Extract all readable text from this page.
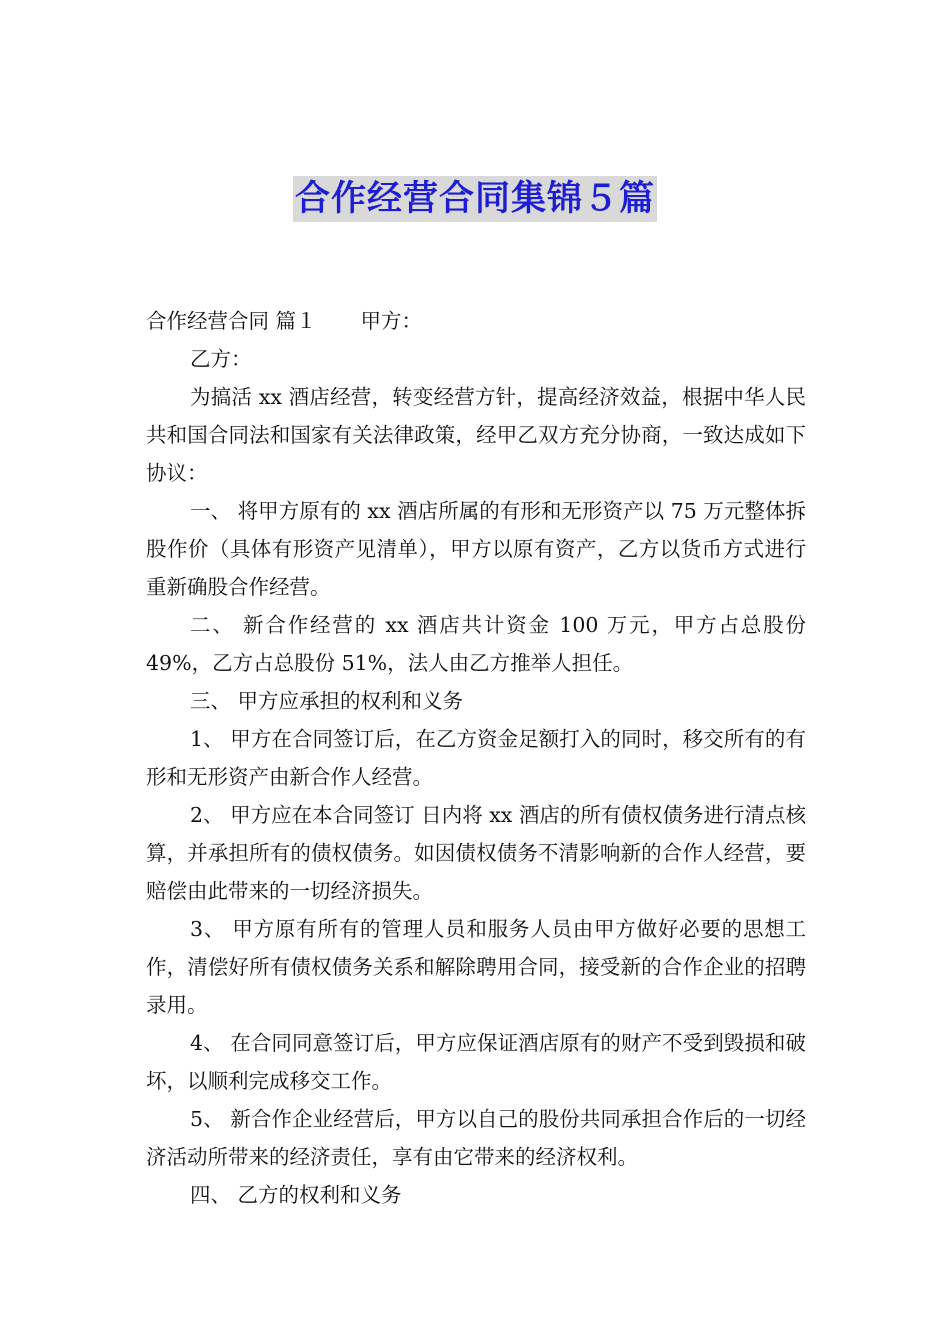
合作经营合同集锦５篇

合作经营合同 篇１ 甲方：

乙方：

为搞活 xx 酒店经营，转变经营方针，提高经济效益，根据中华人民共和国合同法和国家有关法律政策，经甲乙双方充分协商，一致达成如下协议：

一、 将甲方原有的 xx 酒店所属的有形和无形资产以 75 万元整体拆股作价（具体有形资产见清单），甲方以原有资产，乙方以货币方式进行重新确股合作经营。

二、 新合作经营的 xx 酒店共计资金 100 万元，甲方占总股份 49%，乙方占总股份 51%，法人由乙方推举人担任。

三、 甲方应承担的权利和义务

1、 甲方在合同签订后，在乙方资金足额打入的同时，移交所有的有形和无形资产由新合作人经营。

2、 甲方应在本合同签订 日内将 xx 酒店的所有债权债务进行清点核算，并承担所有的债权债务。如因债权债务不清影响新的合作人经营，要赔偿由此带来的一切经济损失。

3、 甲方原有所有的管理人员和服务人员由甲方做好必要的思想工作，清偿好所有债权债务关系和解除聘用合同，接受新的合作企业的招聘录用。

4、 在合同同意签订后，甲方应保证酒店原有的财产不受到毁损和破坏，以顺利完成移交工作。

5、 新合作企业经营后，甲方以自己的股份共同承担合作后的一切经济活动所带来的经济责任，享有由它带来的经济权利。

四、 乙方的权利和义务
